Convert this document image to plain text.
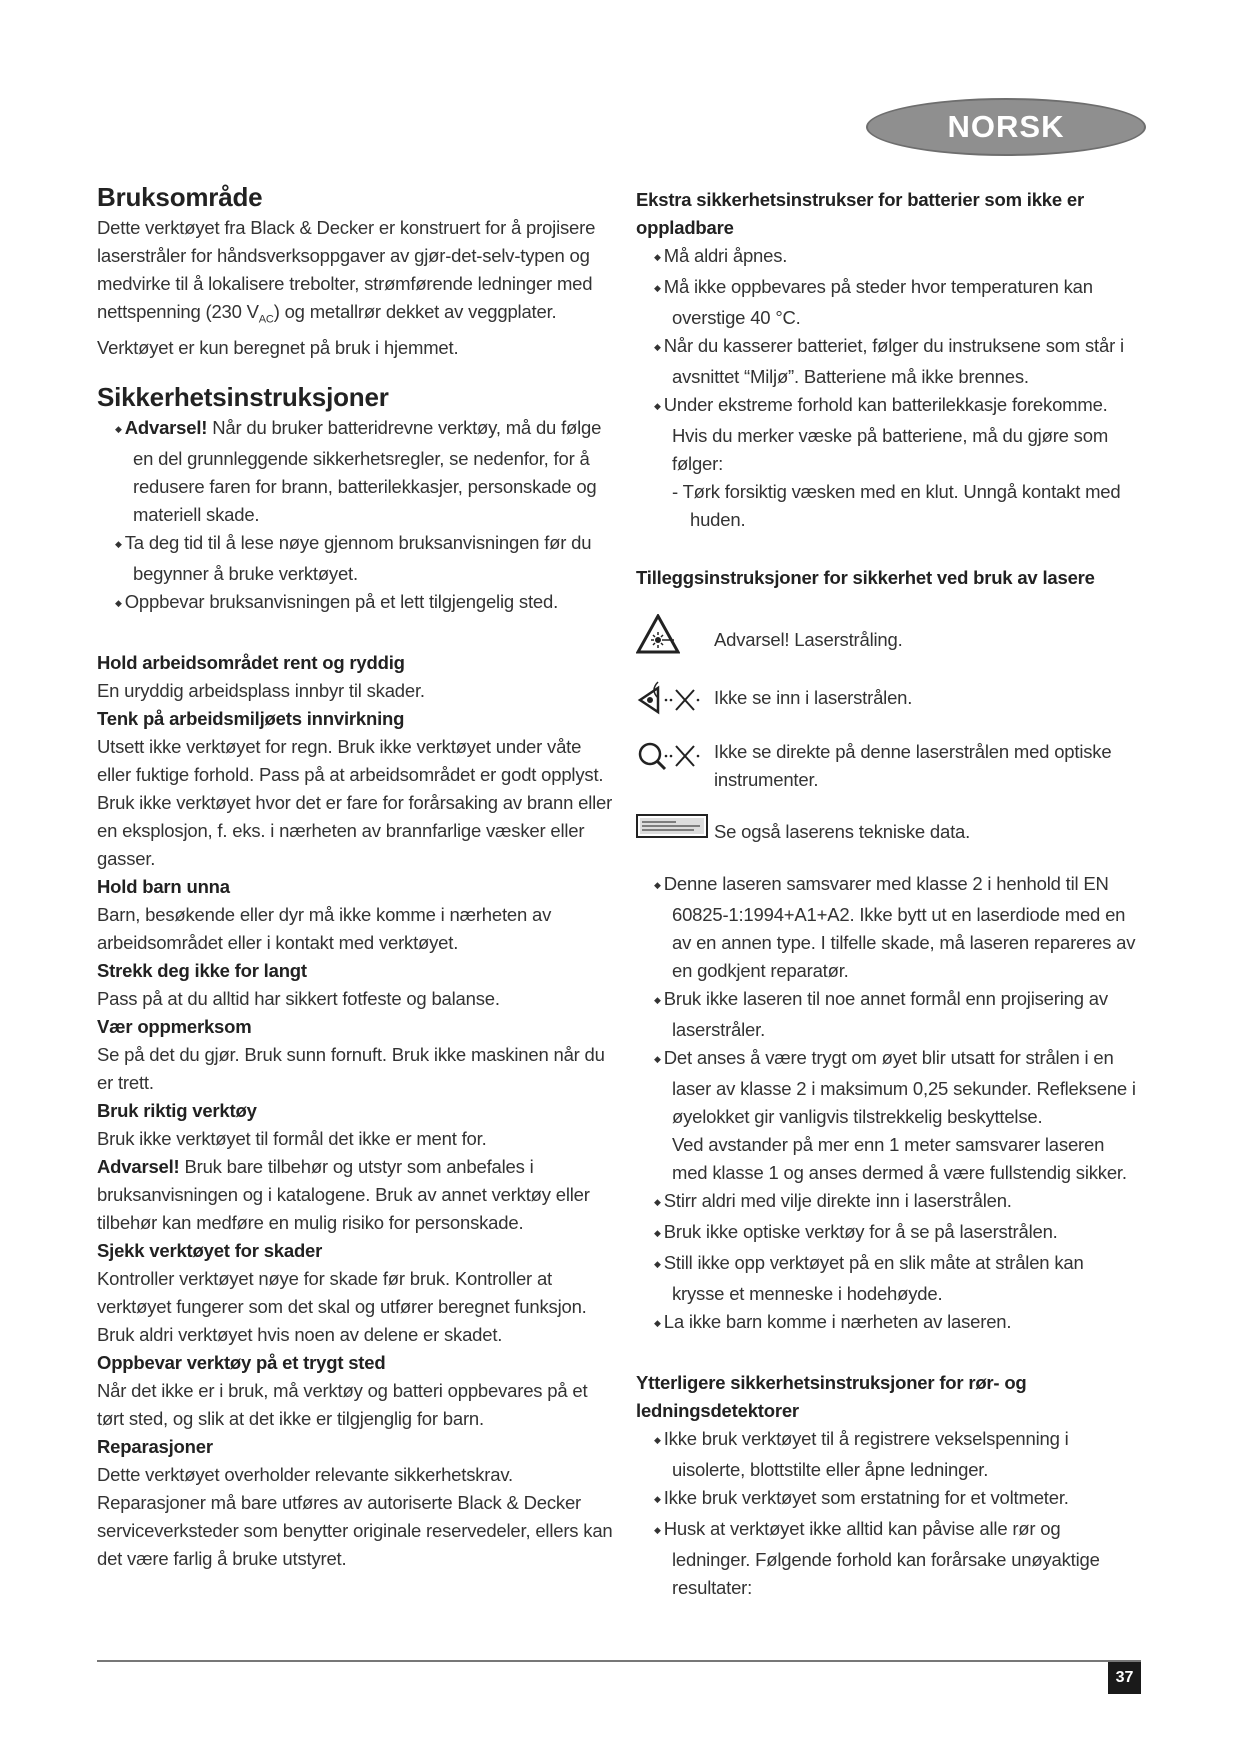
NORSK
Bruksområde

Dette verktøyet fra Black & Decker er konstruert for å projisere laserstråler for håndsverksoppgaver av gjør-det-selv-typen og medvirke til å lokalisere trebolter, strømførende ledninger med nettspenning (230 $V_{AC}$) og metallrør dekket av veggplater. Verktøyet er kun beregnet på bruk i hjemmet.

Sikkerhetsinstruksjoner
◆ Advarsel! Når du bruker batteridrevne verktøy, må du følge en del grunnleggende sikkerhetsregler, se nedenfor, for å redusere faren for brann, batterilekkasjer, personskade og materiell skade.
◆ Ta deg tid til å lese nøye gjennom bruksanvisningen før du begynner å bruke verktøyet.
◆ Oppbevar bruksanvisningen på et lett tilgjengelig sted.
Hold arbeidsområdet rent og ryddig

En uryddig arbeidsplass innbyr til skader.

Tenk på arbeidsmiljøets innvirkning

Utsett ikke verktøyet for regn. Bruk ikke verktøyet under våte eller fuktige forhold. Pass på at arbeidsområdet er godt opplyst. Bruk ikke verktøyet hvor det er fare for forårsaking av brann eller en eksplosjon, f. eks. i nærheten av brannfarlige væsker eller gasser.

Hold barn unna

Barn, besøkende eller dyr må ikke komme i nærheten av arbeidsområdet eller i kontakt med verktøyet.

Strekk deg ikke for langt

Pass på at du alltid har sikkert fotfeste og balanse.

Vær oppmerksom

Se på det du gjør. Bruk sunn fornuft. Bruk ikke maskinen når du er trett.

Bruk riktig verktøy

Bruk ikke verktøyet til formål det ikke er ment for.

Advarsel! Bruk bare tilbehør og utstyr som anbefales i bruksanvisningen og i katalogene. Bruk av annet verktøy eller tilbehør kan medføre en mulig risiko for personskade.

Sjekk verktøyet for skader

Kontroller verktøyet nøye for skade før bruk. Kontroller at verktøyet fungerer som det skal og utfører beregnet funksjon. Bruk aldri verktøyet hvis noen av delene er skadet.

Oppbevar verktøy på et trygt sted

Når det ikke er i bruk, må verktøy og batteri oppbevares på et tørt sted, og slik at det ikke er tilgjenglig for barn.

Reparasjoner

Dette verktøyet overholder relevante sikkerhetskrav. Reparasjoner må bare utføres av autoriserte Black & Decker serviceverksteder som benytter originale reservedeler, ellers kan det være farlig å bruke utstyret.

Ekstra sikkerhetsinstrukser for batterier som ikke er oppladbare
◆ Må aldri åpnes.
◆ Må ikke oppbevares på steder hvor temperaturen kan overstige 40 °C.
◆ Når du kasserer batteriet, følger du instruksene som står i avsnittet “Miljø”. Batteriene må ikke brennes.
◆ Under ekstreme forhold kan batterilekkasje forekomme. Hvis du merker væske på batteriene, må du gjøre som følger:

- Tørk forsiktig væsken med en klut. Unngå kontakt med huden.

Tilleggsinstruksjoner for sikkerhet ved bruk av lasere
Advarsel! Laserstråling.
Ikke se inn i laserstrålen.
Ikke se direkte på denne laserstrålen med optiske instrumenter.
Se også laserens tekniske data.
◆ Denne laseren samsvarer med klasse 2 i henhold til EN 60825-1:1994+A1+A2. Ikke bytt ut en laserdiode med en av en annen type. I tilfelle skade, må laseren repareres av en godkjent reparatør.
◆ Bruk ikke laseren til noe annet formål enn projisering av laserstråler.
◆ Det anses å være trygt om øyet blir utsatt for strålen i en laser av klasse 2 i maksimum 0,25 sekunder. Refleksene i øyelokket gir vanligvis tilstrekkelig beskyttelse.

Ved avstander på mer enn 1 meter samsvarer laseren med klasse 1 og anses dermed å være fullstendig sikker.

◆ Stirr aldri med vilje direkte inn i laserstrålen.
◆ Bruk ikke optiske verktøy for å se på laserstrålen.
◆ Still ikke opp verktøyet på en slik måte at strålen kan krysse et menneske i hodehøyde.
◆ La ikke barn komme i nærheten av laseren.
Ytterligere sikkerhetsinstruksjoner for rør- og ledningsdetektorer
◆ Ikke bruk verktøyet til å registrere vekselspenning i uisolerte, blottstilte eller åpne ledninger.
◆ Ikke bruk verktøyet som erstatning for et voltmeter.
◆ Husk at verktøyet ikke alltid kan påvise alle rør og ledninger. Følgende forhold kan forårsake unøyaktige resultater:
37
